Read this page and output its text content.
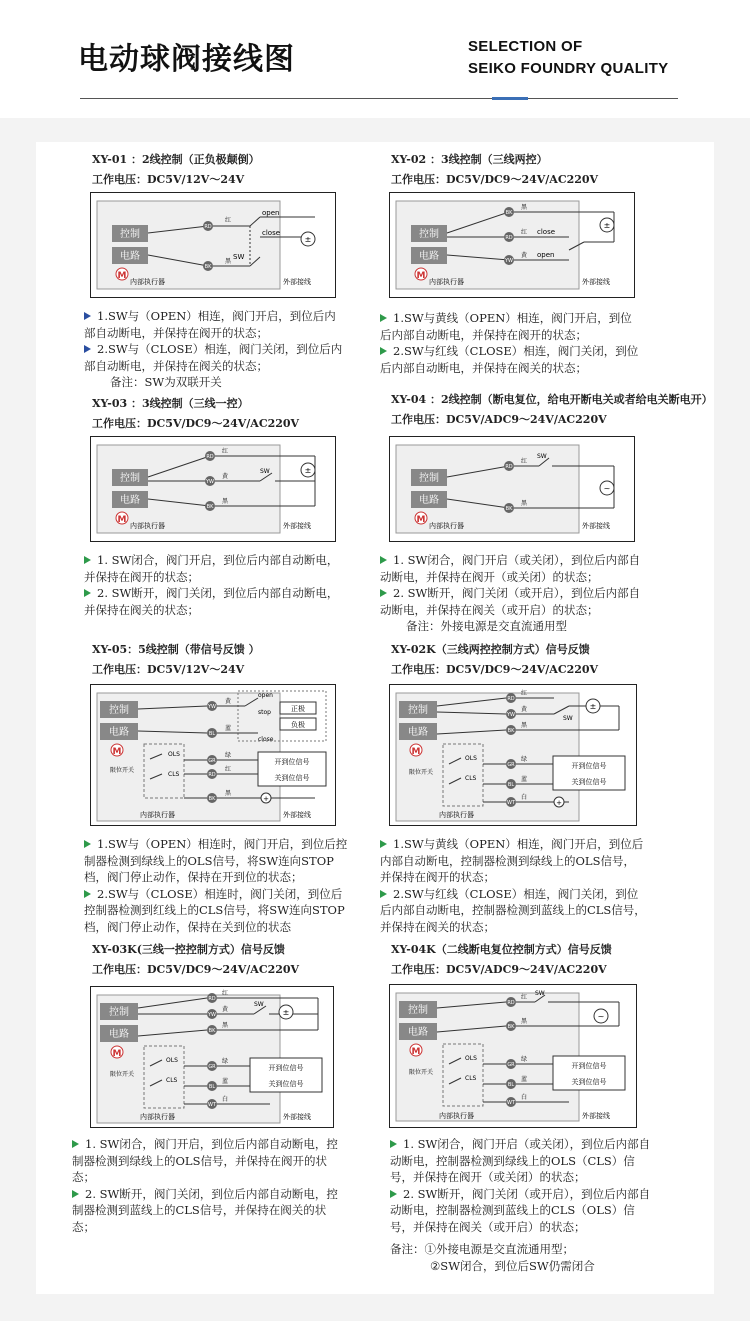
电动球阀接线图	SELECTION OF
SEIKO FOUNDRY QUALITY
XY-01 ：2线控制（正负极颠倒）
工作电压：DC5V/12V～24V
控制
电路
M
RD
BK
红
黑
SW
open
close
±
内部执行器	外部接线

1.SW与（OPEN）相连，阀门开启，到位后内部自动断电，并保持在阀开的状态；

2.SW与（CLOSE）相连，阀门关闭，到位后内部自动断电，并保持在阀关的状态；

备注：SW为双联开关

XY-02 ：3线控制（三线两控）
工作电压：DC5V/DC9～24V/AC220V
控制
电路
M
BK
RD
YW
黑
红
黄
close
open
±
内部执行器	外部接线

1.SW与黄线（OPEN）相连，阀门开启，到位后内部自动断电，并保持在阀开的状态；

2.SW与红线（CLOSE）相连，阀门关闭，到位后内部自动断电，并保持在阀关的状态；

XY-03 ：3线控制（三线一控）
工作电压：DC5V/DC9～24V/AC220V
控制
电路
M
RD
YW
BK
红
黄
黑
SW	±
内部执行器	外部接线

1. SW闭合，阀门开启，到位后内部自动断电，并保持在阀开的状态；

2. SW断开，阀门关闭，到位后内部自动断电，并保持在阀关的状态；

XY-04 ：2线控制（断电复位，给电开断电关或者给电关断电开）
工作电压：DC5V/ADC9～24V/AC220V
控制
电路
M
RD
BK
红
黑
SW
~
内部执行器	外部接线

1. SW闭合，阀门开启（或关闭），到位后内部自动断电，并保持在阀开（或关闭）的状态；

2. SW断开，阀门关闭（或开启），到位后内部自动断电，并保持在阀关（或开启）的状态；

备注：外接电源是交直流通用型

XY-05：5线控制（带信号反馈 ）
工作电压：DC5V/12V～24V
控制
电路
M
限位开关
OLS
CLS
YW
BL
GR
RD
BK
黄
蓝
绿
红
黑
open
stop
close
正极
负极
开到位信号
关到位信号
+
内部执行器	外部接线

1.SW与（OPEN）相连时，阀门开启，到位后控制器检测到绿线上的OLS信号，将SW连向STOP档，阀门停止动作，保持在开到位的状态；

2.SW与（CLOSE）相连时，阀门关闭，到位后控制器检测到红线上的CLS信号，将SW连向STOP档，阀门停止动作，保持在关到位的状态

XY-02K（三线两控控制方式）信号反馈
工作电压：DC5V/DC9～24V/AC220V
控制
电路
M
限位开关
OLS
CLS
RD
YW
BK
GR
BL
WT
红
黄
黑
绿
蓝
白
SW
±
开到位信号
关到位信号
+
内部执行器

1.SW与黄线（OPEN）相连，阀门开启，到位后内部自动断电，控制器检测到绿线上的OLS信号，并保持在阀开的状态；

2.SW与红线（CLOSE）相连，阀门关闭，到位后内部自动断电，控制器检测到蓝线上的CLS信号，并保持在阀关的状态；

XY-03K(三线一控控制方式）信号反馈
工作电压：DC5V/DC9～24V/AC220V
控制
电路
M
限位开关
OLS
CLS
RD
YW
BK
GR
BL
WT
红
黄
黑
绿
蓝
白
SW
±
开到位信号
关到位信号
内部执行器	外部接线

1. SW闭合，阀门开启，到位后内部自动断电，控制器检测到绿线上的OLS信号，并保持在阀开的状态；

2. SW断开，阀门关闭，到位后内部自动断电，控制器检测到蓝线上的CLS信号，并保持在阀关的状态；

XY-04K（二线断电复位控制方式）信号反馈
工作电压：DC5V/ADC9～24V/AC220V
控制
电路
M
限位开关
OLS
CLS
RD
BK
GR
BL
WT
红
黑
绿
蓝
白
SW
~
开到位信号
关到位信号
内部执行器	外部接线

1. SW闭合，阀门开启（或关闭），到位后内部自动断电，控制器检测到绿线上的OLS（CLS）信号，并保持在阀开（或关闭）的状态；

2. SW断开，阀门关闭（或开启），到位后内部自动断电，控制器检测到蓝线上的CLS（OLS）信号，并保持在阀关（或开启）的状态；

备注：①外接电源是交直流通用型；

②SW闭合，到位后SW仍需闭合
